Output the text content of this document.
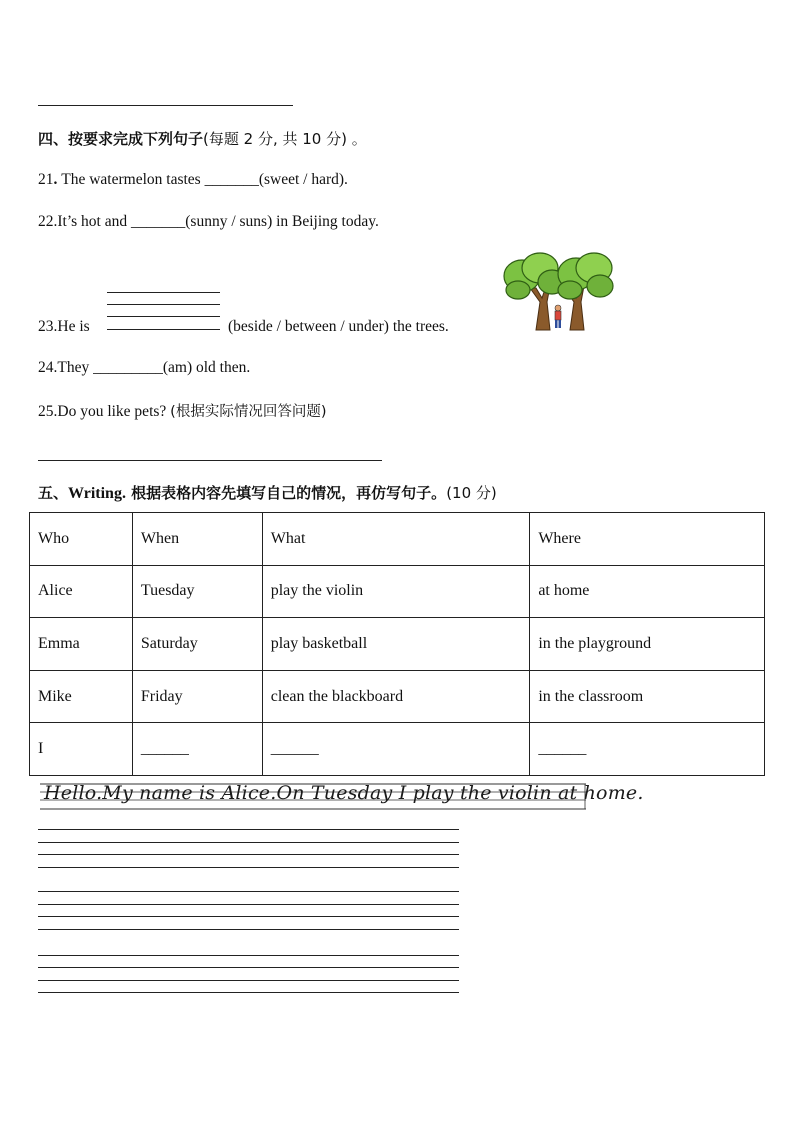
四、按要求完成下列句子(每题 2 分, 共 10 分) 。
21. The watermelon tastes _______(sweet / hard).
22.It’s hot and _______(sunny / suns) in Beijing today.
23.He is	(beside / between / under) the trees.
24.They _________(am) old then.
25.Do you like pets? (根据实际情况回答问题)
五、Writing. 根据表格内容先填写自己的情况，再仿写句子。(10 分)
Who	When	What	Where
Alice	Tuesday	play the violin	at home
Emma	Saturday	play basketball	in the playground
Mike	Friday	clean the blackboard	in the classroom
I	______	______	______
Hello.My name is Alice.On Tuesday I play the violin at home.
